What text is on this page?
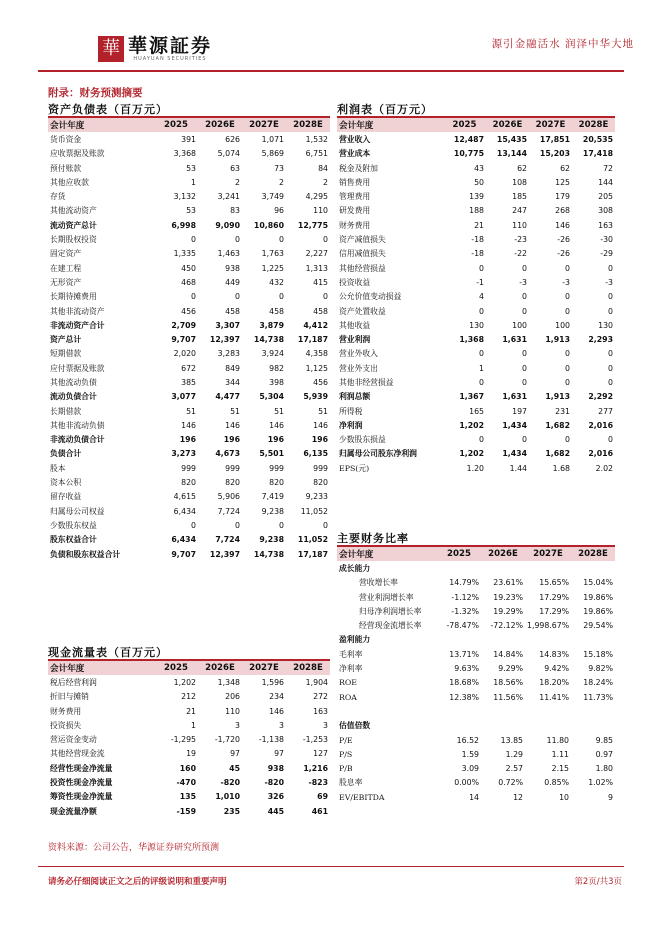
華 華源証券
HUAYUAN SECURITIES
源引金融活水 润泽中华大地
附录：财务预测摘要
资产负债表（百万元）
会计年度	2025	2026E	2027E	2028E
货币资金	391	626	1,071	1,532
应收票据及账款	3,368	5,074	5,869	6,751
预付账款	53	63	73	84
其他应收款	1	2	2	2
存货	3,132	3,241	3,749	4,295
其他流动资产	53	83	96	110
流动资产总计	6,998	9,090	10,860	12,775
长期股权投资	0	0	0	0
固定资产	1,335	1,463	1,763	2,227
在建工程	450	938	1,225	1,313
无形资产	468	449	432	415
长期待摊费用	0	0	0	0
其他非流动资产	456	458	458	458
非流动资产合计	2,709	3,307	3,879	4,412
资产总计	9,707	12,397	14,738	17,187
短期借款	2,020	3,283	3,924	4,358
应付票据及账款	672	849	982	1,125
其他流动负债	385	344	398	456
流动负债合计	3,077	4,477	5,304	5,939
长期借款	51	51	51	51
其他非流动负债	146	146	146	146
非流动负债合计	196	196	196	196
负债合计	3,273	4,673	5,501	6,135
股本	999	999	999	999
资本公积	820	820	820	820
留存收益	4,615	5,906	7,419	9,233
归属母公司权益	6,434	7,724	9,238	11,052
少数股东权益	0	0	0	0
股东权益合计	6,434	7,724	9,238	11,052
负债和股东权益合计	9,707	12,397	14,738	17,187
利润表（百万元）
会计年度	2025	2026E	2027E	2028E
营业收入	12,487	15,435	17,851	20,535
营业成本	10,775	13,144	15,203	17,418
税金及附加	43	62	62	72
销售费用	50	108	125	144
管理费用	139	185	179	205
研发费用	188	247	268	308
财务费用	21	110	146	163
资产减值损失	-18	-23	-26	-30
信用减值损失	-18	-22	-26	-29
其他经营损益	0	0	0	0
投资收益	-1	-3	-3	-3
公允价值变动损益	4	0	0	0
资产处置收益	0	0	0	0
其他收益	130	100	100	130
营业利润	1,368	1,631	1,913	2,293
营业外收入	0	0	0	0
营业外支出	1	0	0	0
其他非经营损益	0	0	0	0
利润总额	1,367	1,631	1,913	2,292
所得税	165	197	231	277
净利润	1,202	1,434	1,682	2,016
少数股东损益	0	0	0	0
归属母公司股东净利润	1,202	1,434	1,682	2,016
EPS(元)	1.20	1.44	1.68	2.02
主要财务比率
会计年度	2025	2026E	2027E	2028E
成长能力				
营收增长率	14.79%	23.61%	15.65%	15.04%
营业利润增长率	-1.12%	19.23%	17.29%	19.86%
归母净利润增长率	-1.32%	19.29%	17.29%	19.86%
经营现金流增长率	-78.47%	-72.12%	1,998.67%	29.54%
盈利能力				
毛利率	13.71%	14.84%	14.83%	15.18%
净利率	9.63%	9.29%	9.42%	9.82%
ROE	18.68%	18.56%	18.20%	18.24%
ROA	12.38%	11.56%	11.41%	11.73%

估值倍数				
P/E	16.52	13.85	11.80	9.85
P/S	1.59	1.29	1.11	0.97
P/B	3.09	2.57	2.15	1.80
股息率	0.00%	0.72%	0.85%	1.02%
EV/EBITDA	14	12	10	9
现金流量表（百万元）
会计年度	2025	2026E	2027E	2028E
税后经营利润	1,202	1,348	1,596	1,904
折旧与摊销	212	206	234	272
财务费用	21	110	146	163
投资损失	1	3	3	3
营运资金变动	-1,295	-1,720	-1,138	-1,253
其他经营现金流	19	97	97	127
经营性现金净流量	160	45	938	1,216
投资性现金净流量	-470	-820	-820	-823
筹资性现金净流量	135	1,010	326	69
现金流量净额	-159	235	445	461
资料来源：公司公告，华源证券研究所预测
请务必仔细阅读正文之后的评级说明和重要声明	第2页/共3页
